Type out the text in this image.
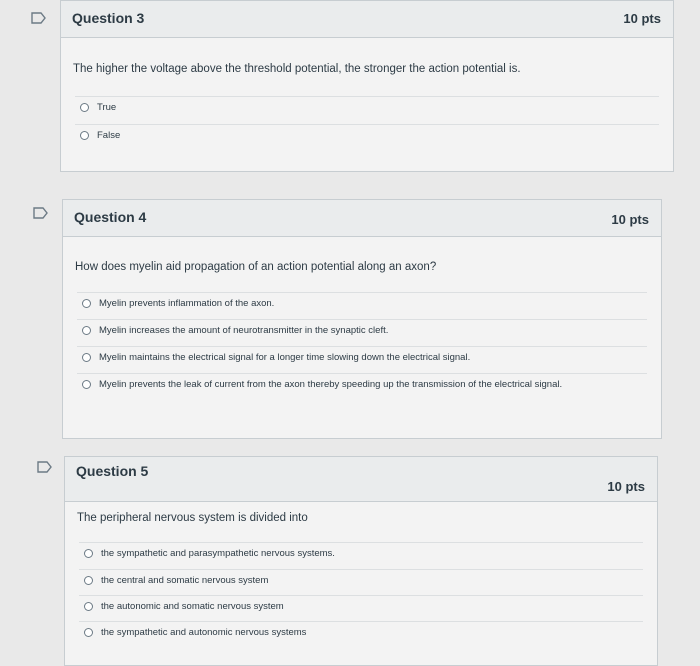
Question 3	10 pts
The higher the voltage above the threshold potential, the stronger the action potential is.
True
False
Question 4	10 pts
How does myelin aid propagation of an action potential along an axon?
Myelin prevents inflammation of the axon.
Myelin increases the amount of neurotransmitter in the synaptic cleft.
Myelin maintains the electrical signal for a longer time slowing down the electrical signal.
Myelin prevents the leak of current from the axon thereby speeding up the transmission of the electrical signal.
Question 5
10 pts
The peripheral nervous system is divided into
the sympathetic and parasympathetic nervous systems.
the central and somatic nervous system
the autonomic and somatic nervous system
the sympathetic and autonomic nervous systems
